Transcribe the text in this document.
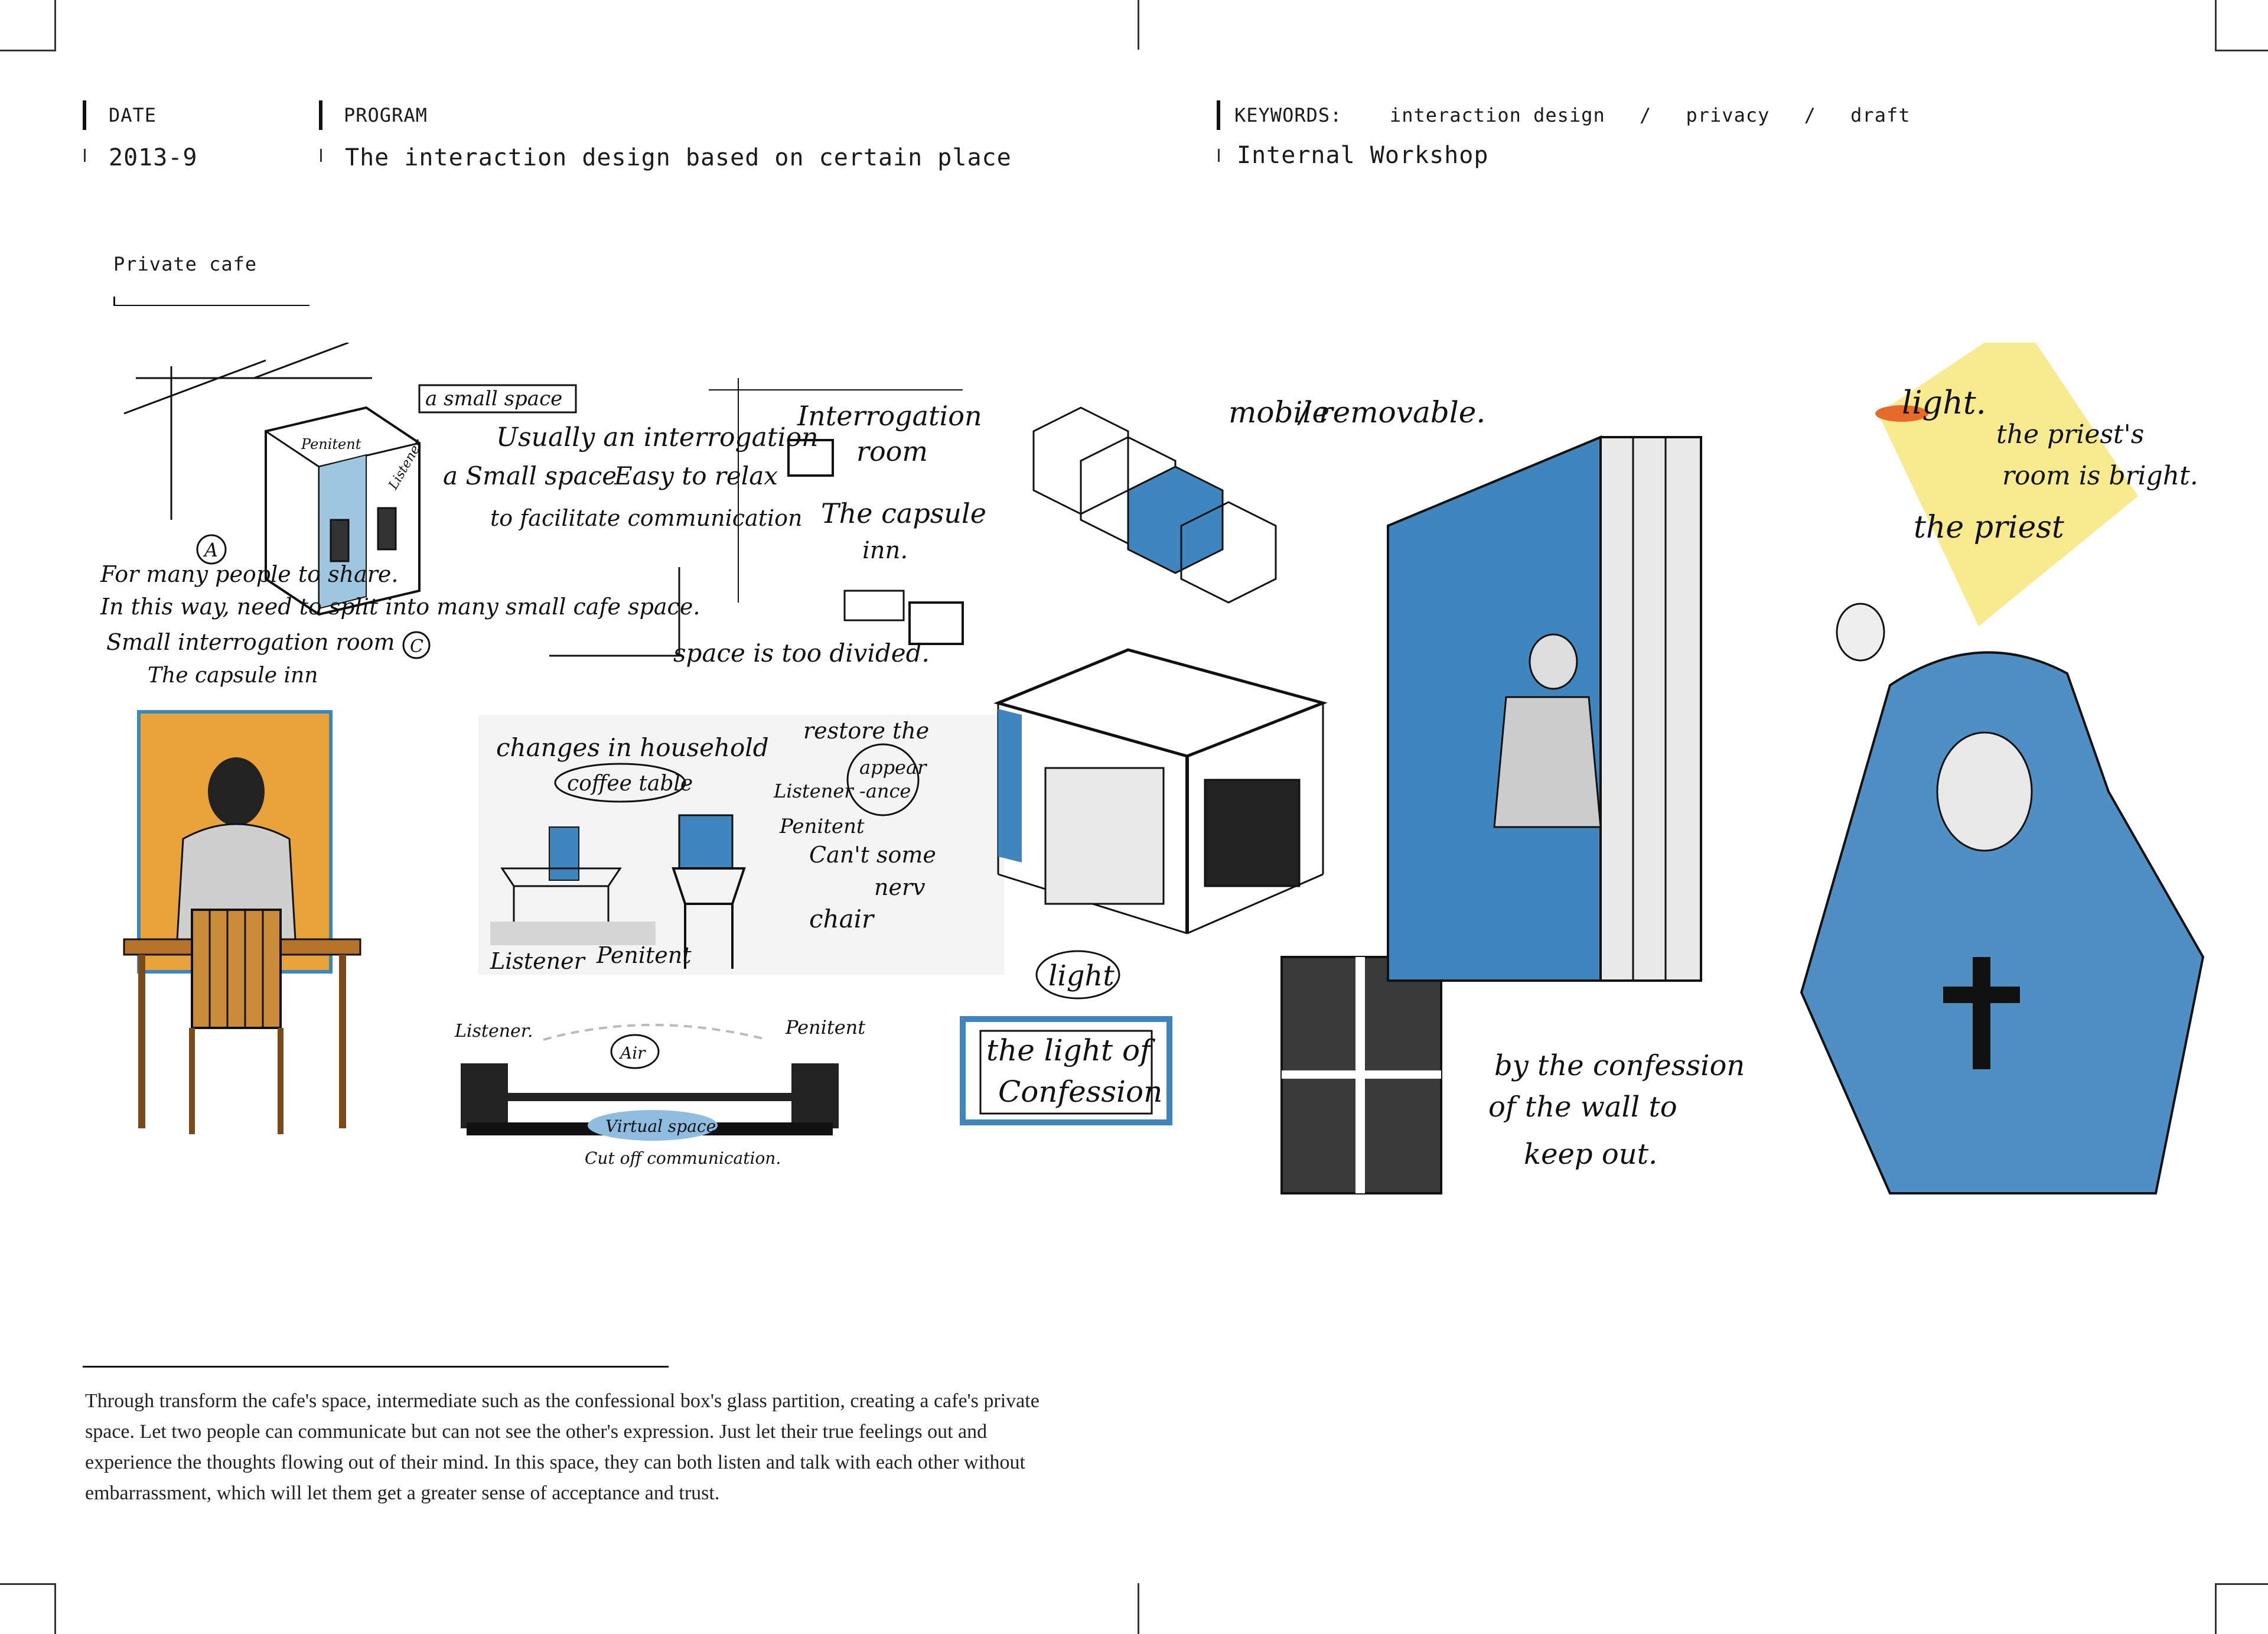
DATE
2013-9
PROGRAM
The interaction design based on certain place
KEYWORDS:	interaction design / privacy / draft
Internal Workshop
Private cafe
a small space
Usually an interrogation
a Small space
Easy to relax
to facilitate communication
Interrogation
room
The capsule
inn.
Penitent Listener
A
C
For many people to share.
In this way, need to split into many small cafe space.
Small interrogation room
The capsule inn
space is too divided.
changes in household
coffee table
restore the
appear
-ance
Listener
Penitent
Can't some
nerv
chair
Listener Penitent
Listener.	Penitent
Air
Virtual space
Cut off communication.
mobile
/ removable.
light
the light of
Confession
light.
the priest's
room is bright.
the priest
by the confession
of the wall to
keep out.
Through transform the cafe's space, intermediate such as the confessional box's glass partition, creating a cafe's private space. Let two people can communicate but can not see the other's expression. Just let their true feelings out and experience the thoughts flowing out of their mind. In this space, they can both listen and talk with each other without embarrassment, which will let them get a greater sense of acceptance and trust.
